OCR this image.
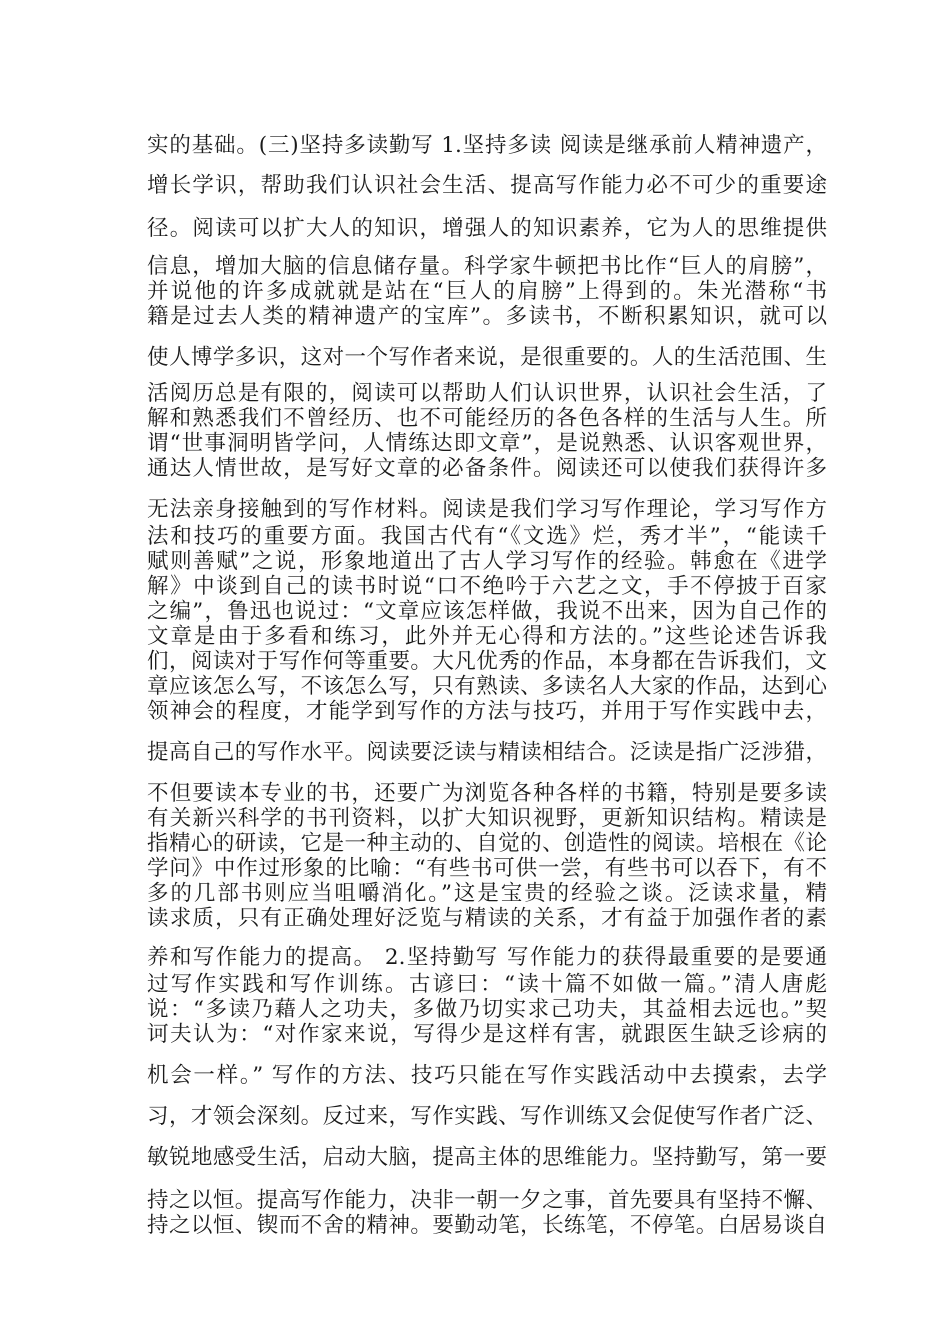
实的基础。(三)坚持多读勤写 1.坚持多读 阅读是继承前人精神遗产，
增长学识，帮助我们认识社会生活、提高写作能力必不可少的重要途
径。阅读可以扩大人的知识，增强人的知识素养，它为人的思维提供
信息，增加大脑的信息储存量。科学家牛顿把书比作“巨人的肩膀”，
并说他的许多成就就是站在“巨人的肩膀”上得到的。朱光潜称“书
籍是过去人类的精神遗产的宝库”。多读书，不断积累知识，就可以
使人博学多识，这对一个写作者来说，是很重要的。人的生活范围、生
活阅历总是有限的，阅读可以帮助人们认识世界，认识社会生活，了
解和熟悉我们不曾经历、也不可能经历的各色各样的生活与人生。所
谓“世事洞明皆学问，人情练达即文章”，是说熟悉、认识客观世界，
通达人情世故，是写好文章的必备条件。阅读还可以使我们获得许多
无法亲身接触到的写作材料。阅读是我们学习写作理论，学习写作方
法和技巧的重要方面。我国古代有“《文选》烂，秀才半”，“能读千
赋则善赋”之说，形象地道出了古人学习写作的经验。韩愈在《进学
解》中谈到自己的读书时说“口不绝吟于六艺之文，手不停披于百家
之编”，鲁迅也说过：“文章应该怎样做，我说不出来，因为自己作的
文章是由于多看和练习，此外并无心得和方法的。”这些论述告诉我
们，阅读对于写作何等重要。大凡优秀的作品，本身都在告诉我们，文
章应该怎么写，不该怎么写，只有熟读、多读名人大家的作品，达到心
领神会的程度，才能学到写作的方法与技巧，并用于写作实践中去，
提高自己的写作水平。阅读要泛读与精读相结合。泛读是指广泛涉猎，
不但要读本专业的书，还要广为浏览各种各样的书籍，特别是要多读
有关新兴科学的书刊资料，以扩大知识视野，更新知识结构。精读是
指精心的研读，它是一种主动的、自觉的、创造性的阅读。培根在《论
学问》中作过形象的比喻：“有些书可供一尝，有些书可以吞下，有不
多的几部书则应当咀嚼消化。”这是宝贵的经验之谈。泛读求量，精
读求质，只有正确处理好泛览与精读的关系，才有益于加强作者的素
养和写作能力的提高。 2.坚持勤写 写作能力的获得最重要的是要通
过写作实践和写作训练。古谚曰：“读十篇不如做一篇。”清人唐彪
说：“多读乃藉人之功夫，多做乃切实求己功夫，其益相去远也。”契
诃夫认为：“对作家来说，写得少是这样有害，就跟医生缺乏诊病的
机会一样。” 写作的方法、技巧只能在写作实践活动中去摸索，去学
习，才领会深刻。反过来，写作实践、写作训练又会促使写作者广泛、
敏锐地感受生活，启动大脑，提高主体的思维能力。坚持勤写，第一要
持之以恒。提高写作能力，决非一朝一夕之事，首先要具有坚持不懈、
持之以恒、锲而不舍的精神。要勤动笔，长练笔，不停笔。白居易谈自
